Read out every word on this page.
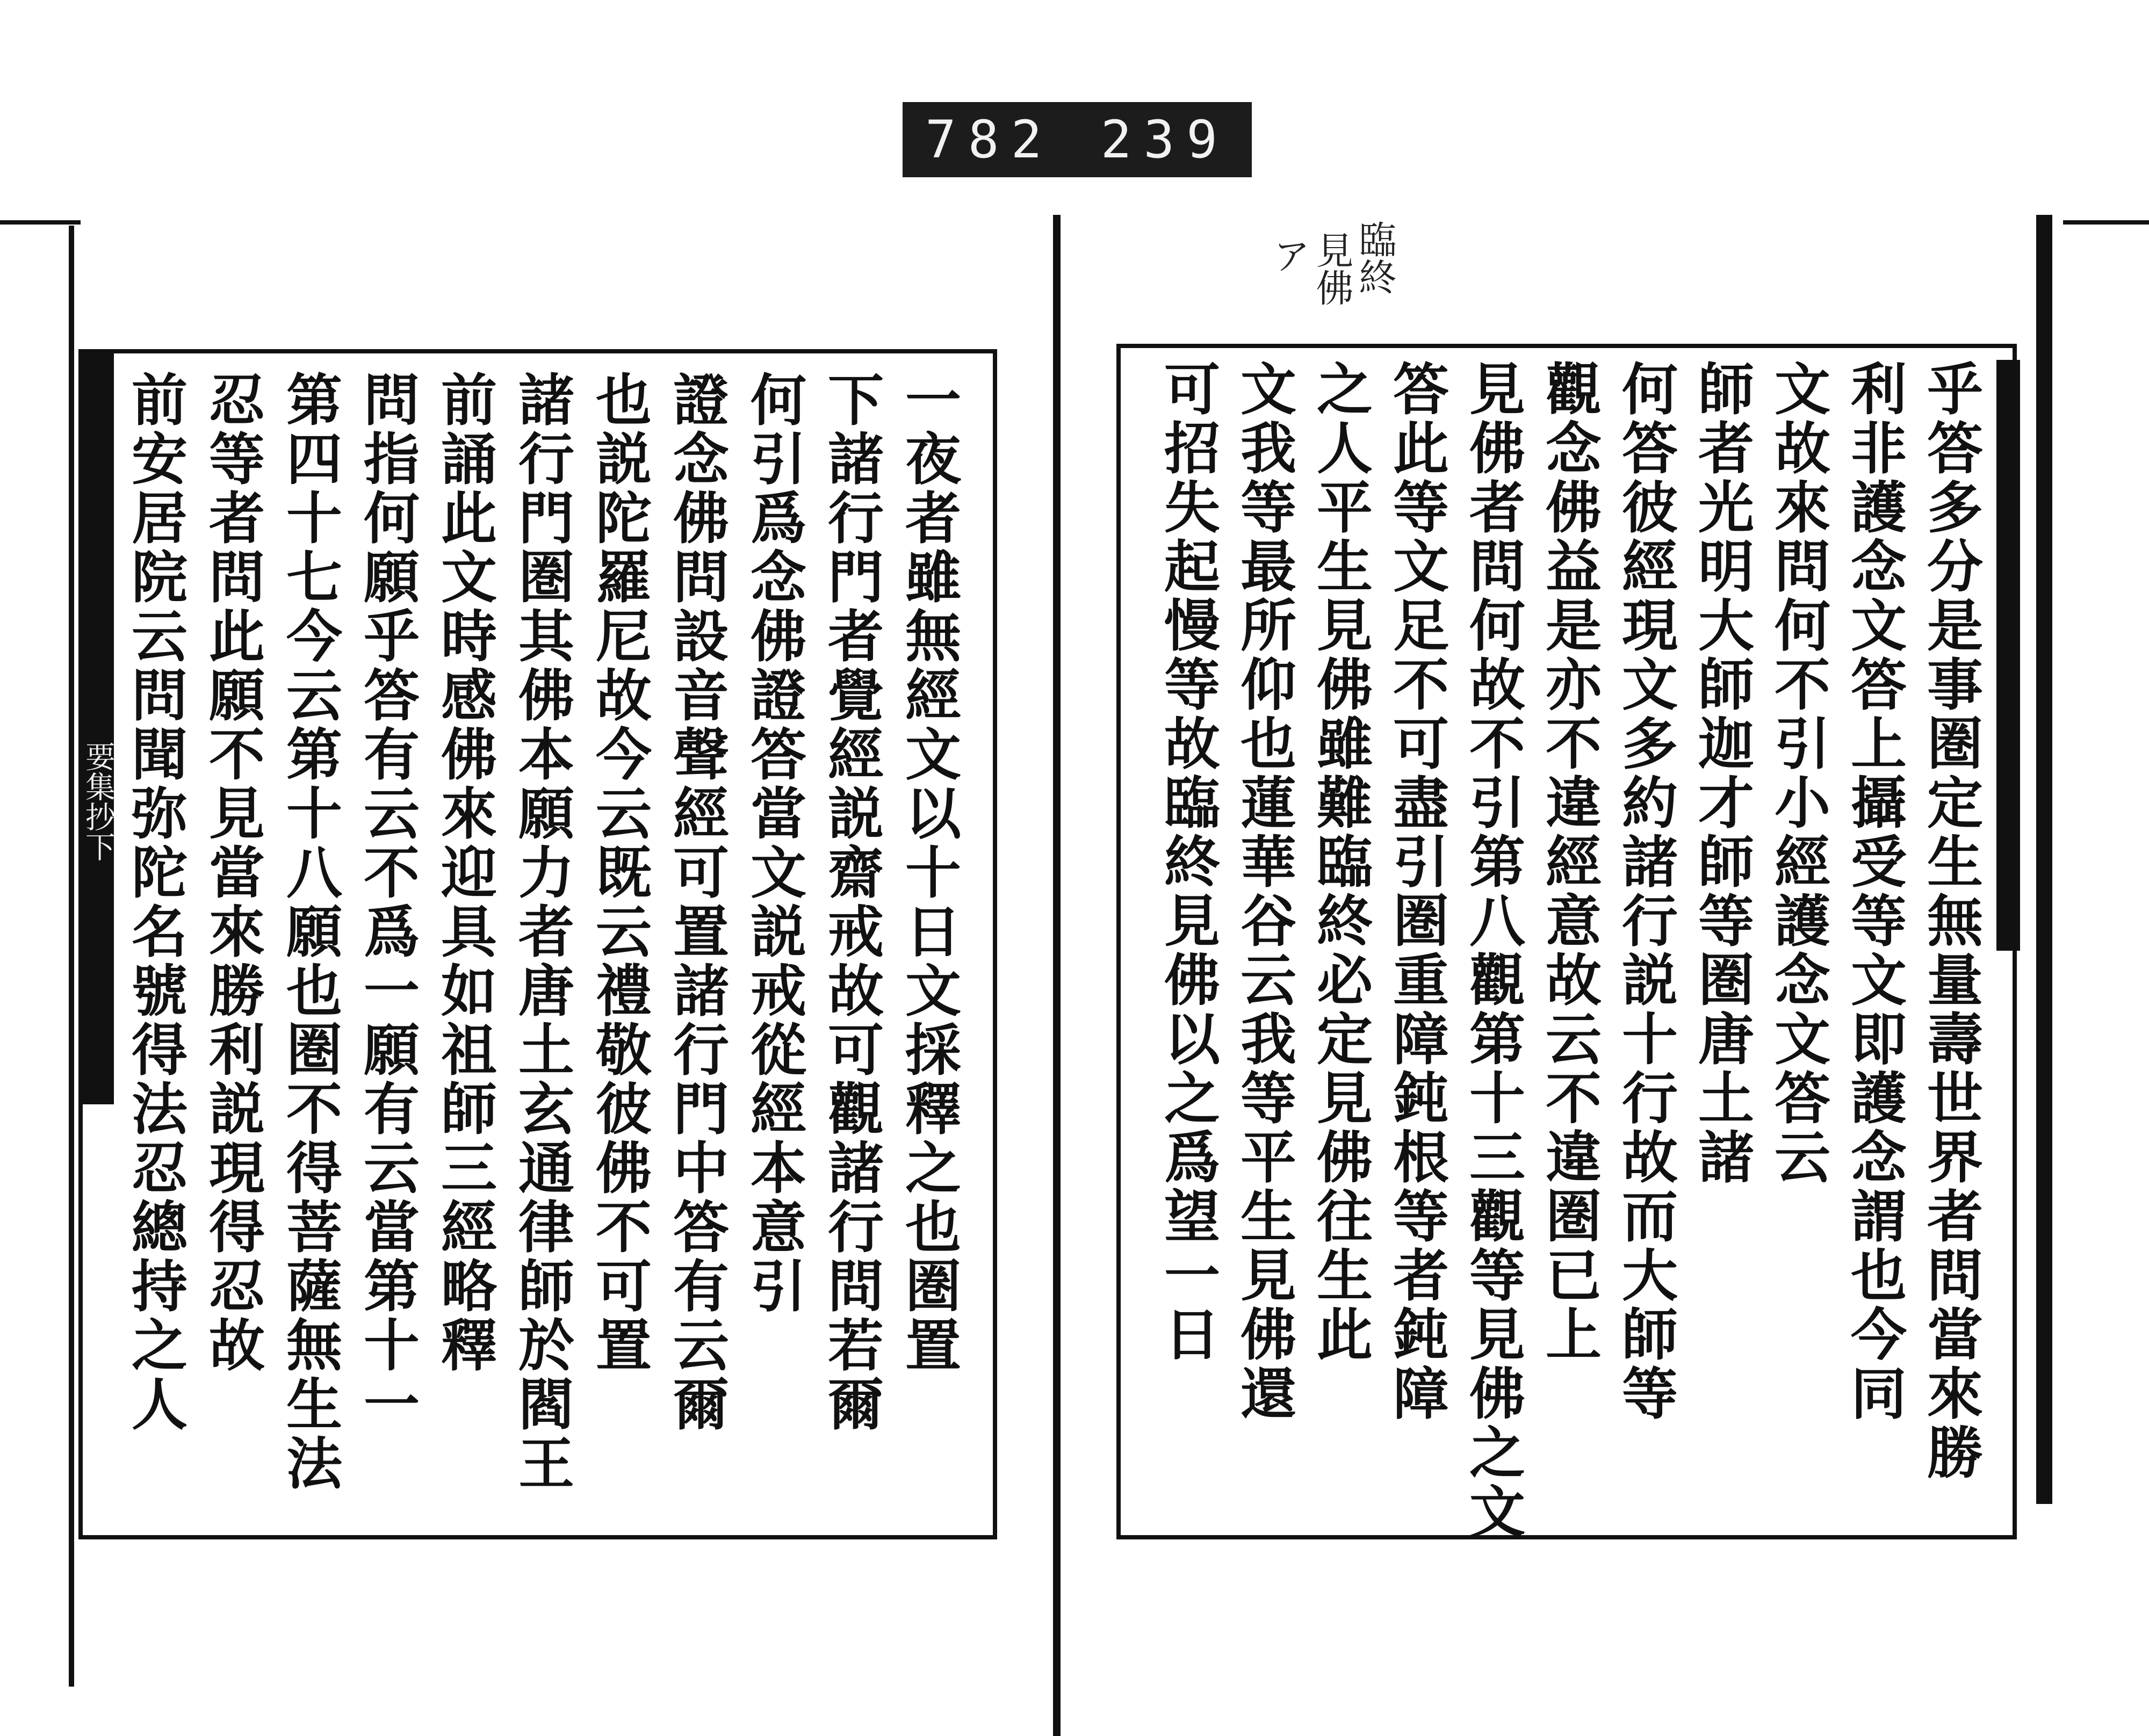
782 239
要集抄下	一夜者雖無經文以十日文採釋之也圏置
下諸行門者覺經説齋戒故可觀諸行問若爾
何引爲念佛證答當文説戒從經本意引
證念佛問設音聲經可置諸行門中答有云爾
也説陀羅尼故今云既云禮敬彼佛不可置
諸行門圏其佛本願力者唐土玄通律師於閻王
前誦此文時感佛來迎具如祖師三經略釋
問指何願乎答有云不爲一願有云當第十一
第四十七今云第十八願也圏不得菩薩無生法
忍等者問此願不見當來勝利説現得忍故
前安居院云問聞弥陀名號得法忍總持之人	乎答多分是事圏定生無量壽世界者問當來勝
利非護念文答上攝受等文即護念謂也今同
文故來問何不引小經護念文答云
師者光明大師迦才師等圏唐土諸
何答彼經現文多約諸行説十行故而大師等
觀念佛益是亦不違經意故云不違圏已上
見佛者問何故不引第八觀第十三觀等見佛之文
答此等文足不可盡引圏重障鈍根等者鈍障
之人平生見佛雖難臨終必定見佛往生此
文我等最所仰也蓮華谷云我等平生見佛還
可招失起慢等故臨終見佛以之爲望一日
臨終
見佛
ア
